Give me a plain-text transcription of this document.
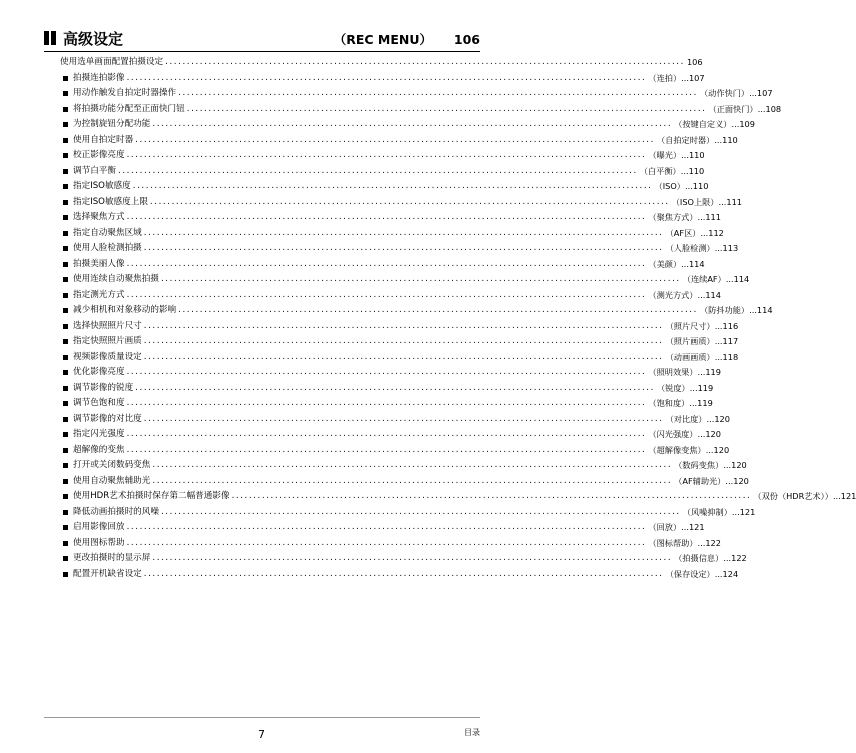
高级设定	（REC MENU） 106
使用选单画面配置拍摄设定 ........................................................................................................................ 106
拍摄连拍影像 ........................................................................................................................ （连拍） ... 107
用动作触发自拍定时器操作 ........................................................................................................................ （动作快门） ... 107
将拍摄功能分配至正面快门钮 ........................................................................................................................ （正面快门） ... 108
为控制旋钮分配功能 ........................................................................................................................ （按键自定义） ... 109
使用自拍定时器 ........................................................................................................................ （自拍定时器） ... 110
校正影像亮度 ........................................................................................................................ （曝光） ... 110
调节白平衡 ........................................................................................................................ （白平衡） ... 110
指定ISO敏感度 ........................................................................................................................ （ISO） ... 110
指定ISO敏感度上限 ........................................................................................................................ （ISO上限） ... 111
选择聚焦方式 ........................................................................................................................ （聚焦方式） ... 111
指定自动聚焦区域 ........................................................................................................................ （AF区） ... 112
使用人脸检测拍摄 ........................................................................................................................ （人脸检测） ... 113
拍摄美丽人像 ........................................................................................................................ （美颜） ... 114
使用连续自动聚焦拍摄 ........................................................................................................................ （连续AF） ... 114
指定测光方式 ........................................................................................................................ （测光方式） ... 114
减少相机和对象移动的影响 ........................................................................................................................ （防抖功能） ... 114
选择快照照片尺寸 ........................................................................................................................ （照片尺寸） ... 116
指定快照照片画质 ........................................................................................................................ （照片画质） ... 117
视频影像质量设定 ........................................................................................................................ （动画画质） ... 118
优化影像亮度 ........................................................................................................................ （照明效果） ... 119
调节影像的锐度 ........................................................................................................................ （锐度） ... 119
调节色饱和度 ........................................................................................................................ （饱和度） ... 119
调节影像的对比度 ........................................................................................................................ （对比度） ... 120
指定闪光强度 ........................................................................................................................ （闪光强度） ... 120
超解像的变焦 ........................................................................................................................ （超解像变焦） ... 120
打开或关闭数码变焦 ........................................................................................................................ （数码变焦） ... 120
使用自动聚焦辅助光 ........................................................................................................................ （AF辅助光） ... 120
使用HDR艺术拍摄时保存第二幅普通影像 ........................................................................................................................ （双份（HDR艺术）） ... 121
降低动画拍摄时的风噪 ........................................................................................................................ （风噪抑制） ... 121
启用影像回放 ........................................................................................................................ （回放） ... 121
使用图标帮助 ........................................................................................................................ （图标帮助） ... 122
更改拍摄时的显示屏 ........................................................................................................................ （拍摄信息） ... 122
配置开机缺省设定 ........................................................................................................................ （保存设定） ... 124
7	目录
